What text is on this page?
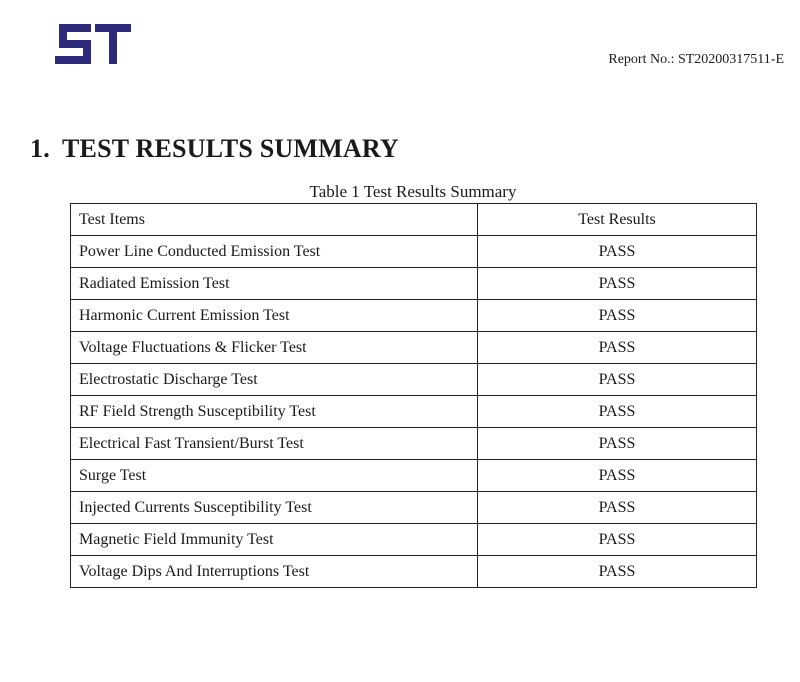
Report No.: ST20200317511-E
1. TEST RESULTS SUMMARY
Table 1 Test Results Summary
Test Items	Test Results
Power Line Conducted Emission Test	PASS
Radiated Emission Test	PASS
Harmonic Current Emission Test	PASS
Voltage Fluctuations & Flicker Test	PASS
Electrostatic Discharge Test	PASS
RF Field Strength Susceptibility Test	PASS
Electrical Fast Transient/Burst Test	PASS
Surge Test	PASS
Injected Currents Susceptibility Test	PASS
Magnetic Field Immunity Test	PASS
Voltage Dips And Interruptions Test	PASS
